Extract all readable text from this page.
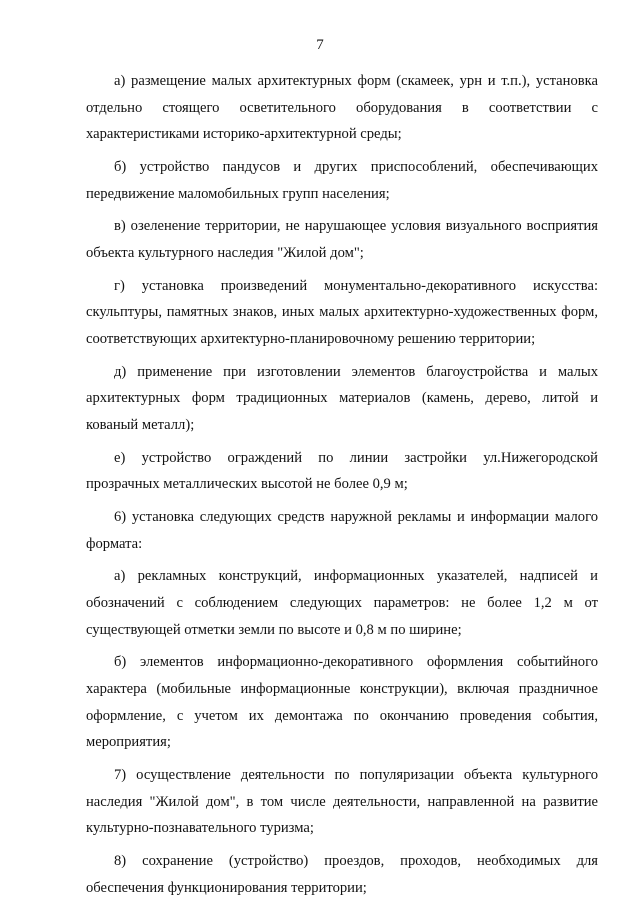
7

а) размещение малых архитектурных форм (скамеек, урн и т.п.), установка отдельно стоящего осветительного оборудования в соответствии с характеристиками историко-архитектурной среды;

б) устройство пандусов и других приспособлений, обеспечивающих передвижение маломобильных групп населения;

в) озеленение территории, не нарушающее условия визуального восприятия объекта культурного наследия "Жилой дом";

г) установка произведений монументально-декоративного искусства: скульптуры, памятных знаков, иных малых архитектурно-художественных форм, соответствующих архитектурно-планировочному решению территории;

д) применение при изготовлении элементов благоустройства и малых архитектурных форм традиционных материалов (камень, дерево, литой и кованый металл);

е) устройство ограждений по линии застройки ул.Нижегородской прозрачных металлических высотой не более 0,9 м;

6) установка следующих средств наружной рекламы и информации малого формата:

а) рекламных конструкций, информационных указателей, надписей и обозначений с соблюдением следующих параметров: не более 1,2 м от существующей отметки земли по высоте и 0,8 м по ширине;

б) элементов информационно-декоративного оформления событийного характера (мобильные информационные конструкции), включая праздничное оформление, с учетом их демонтажа по окончанию проведения события, мероприятия;

7) осуществление деятельности по популяризации объекта культурного наследия "Жилой дом", в том числе деятельности, направленной на развитие культурно-познавательного туризма;

8) сохранение (устройство) проездов, проходов, необходимых для обеспечения функционирования территории;
